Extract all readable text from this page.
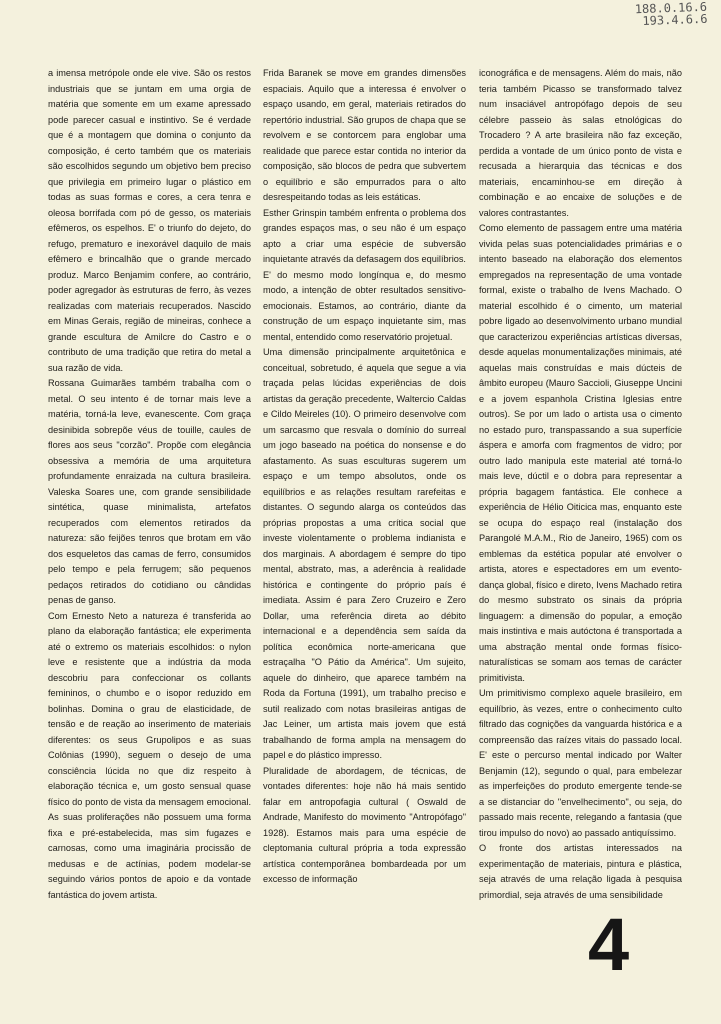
188.0.16.6
193.4.6.6

a imensa metrópole onde ele vive. São os restos industriais que se juntam em uma orgia de matéria que somente em um exame apressado pode parecer casual e instintivo. Se é verdade que é a montagem que domina o conjunto da composição, é certo também que os materiais são escolhidos segundo um objetivo bem preciso que privilegia em primeiro lugar o plástico em todas as suas formas e cores, a cera tenra e oleosa borrifada com pó de gesso, os materiais efêmeros, os espelhos. E' o triunfo do dejeto, do refugo, prematuro e inexorável daquilo de mais efêmero e brincalhão que o grande mercado produz. Marco Benjamim confere, ao contrário, poder agregador às estruturas de ferro, às vezes realizadas com materiais recuperados. Nascido em Minas Gerais, região de mineiras, conhece a grande escultura de Amilcre do Castro e o contributo de uma tradição que retira do metal a sua razão de vida.

Rossana Guimarães também trabalha com o metal. O seu intento é de tornar mais leve a matéria, torná-la leve, evanescente. Com graça desinibida sobrepõe véus de touille, caules de flores aos seus "corzão". Propõe com elegância obsessiva a memória de uma arquitetura profundamente enraizada na cultura brasileira. Valeska Soares une, com grande sensibilidade sintética, quase minimalista, artefatos recuperados com elementos retirados da natureza: são feijões tenros que brotam em vão dos esqueletos das camas de ferro, consumidos pelo tempo e pela ferrugem; são pequenos pedaços retirados do cotidiano ou cândidas penas de ganso.

Com Ernesto Neto a natureza é transferida ao plano da elaboração fantástica; ele experimenta até o extremo os materiais escolhidos: o nylon leve e resistente que a indústria da moda descobriu para confeccionar os collants femininos, o chumbo e o isopor reduzido em bolinhas. Domina o grau de elasticidade, de tensão e de reação ao inserimento de materiais diferentes: os seus Grupolipos e as suas Colônias (1990), seguem o desejo de uma consciência lúcida no que diz respeito à elaboração técnica e, um gosto sensual quase físico do ponto de vista da mensagem emocional. As suas proliferações não possuem uma forma fixa e pré-estabelecida, mas sim fugazes e carnosas, como uma imaginária procissão de medusas e de actínias, podem modelar-se seguindo vários pontos de apoio e da vontade fantástica do jovem artista.

Frida Baranek se move em grandes dimensões espaciais. Aquilo que a interessa é envolver o espaço usando, em geral, materiais retirados do repertório industrial. São grupos de chapa que se revolvem e se contorcem para englobar uma realidade que parece estar contida no interior da composição, são blocos de pedra que subvertem o equilíbrio e são empurrados para o alto desrespeitando todas as leis estáticas.

Esther Grinspin também enfrenta o problema dos grandes espaços mas, o seu não é um espaço apto a criar uma espécie de subversão inquietante através da defasagem dos equilíbrios. E' do mesmo modo longínqua e, do mesmo modo, a intenção de obter resultados sensitivo- emocionais. Estamos, ao contrário, diante da construção de um espaço inquietante sim, mas mental, entendido como reservatório projetual.

Uma dimensão principalmente arquitetônica e conceitual, sobretudo, é aquela que segue a via traçada pelas lúcidas experiências de dois artistas da geração precedente, Waltercio Caldas e Cildo Meireles (10). O primeiro desenvolve com um sarcasmo que resvala o domínio do surreal um jogo baseado na poética do nonsense e do afastamento. As suas esculturas sugerem um espaço e um tempo absolutos, onde os equilíbrios e as relações resultam rarefeitas e distantes. O segundo alarga os conteúdos das próprias propostas a uma crítica social que investe violentamente o problema indianista e dos marginais. A abordagem é sempre do tipo mental, abstrato, mas, a aderência à realidade histórica e contingente do próprio país é imediata. Assim é para Zero Cruzeiro e Zero Dollar, uma referência direta ao débito internacional e a dependência sem saída da política econômica norte-americana que estraçalha "O Pátio da América". Um sujeito, aquele do dinheiro, que aparece também na Roda da Fortuna (1991), um trabalho preciso e sutil realizado com notas brasileiras antigas de Jac Leiner, um artista mais jovem que está trabalhando de forma ampla na mensagem do papel e do plástico impresso.

Pluralidade de abordagem, de técnicas, de vontades diferentes: hoje não há mais sentido falar em antropofagia cultural ( Oswald de Andrade, Manifesto do movimento "Antropófago" 1928). Estamos mais para uma espécie de cleptomania cultural própria a toda expressão artística contemporânea bombardeada por um excesso de informação

iconográfica e de mensagens. Além do mais, não teria também Picasso se transformado talvez num insaciável antropófago depois de seu célebre passeio às salas etnológicas do Trocadero ? A arte brasileira não faz exceção, perdida a vontade de um único ponto de vista e recusada a hierarquia das técnicas e dos materiais, encaminhou-se em direção à combinação e ao encaixe de soluções e de valores contrastantes.

Como elemento de passagem entre uma matéria vivida pelas suas potencialidades primárias e o intento baseado na elaboração dos elementos empregados na representação de uma vontade formal, existe o trabalho de Ivens Machado. O material escolhido é o cimento, um material pobre ligado ao desenvolvimento urbano mundial que caracterizou experiências artísticas diversas, desde aquelas monumentalizações minimais, até aquelas mais construídas e mais dúcteis de âmbito europeu (Mauro Saccioli, Giuseppe Uncini e a jovem espanhola Cristina Iglesias entre outros). Se por um lado o artista usa o cimento no estado puro, transpassando a sua superfície áspera e amorfa com fragmentos de vidro; por outro lado manipula este material até torná-lo mais leve, dúctil e o dobra para representar a própria bagagem fantástica. Ele conhece a experiência de Hélio Oiticica mas, enquanto este se ocupa do espaço real (instalação dos Parangolé M.A.M., Rio de Janeiro, 1965) com os emblemas da estética popular até envolver o artista, atores e espectadores em um evento-dança global, físico e direto, Ivens Machado retira do mesmo substrato os sinais da própria linguagem: a dimensão do popular, a emoção mais instintiva e mais autóctona é transportada a uma abstração mental onde formas físico-naturalísticas se somam aos temas de carácter primitivista.

Um primitivismo complexo aquele brasileiro, em equilíbrio, às vezes, entre o conhecimento culto filtrado das cognições da vanguarda histórica e a compreensão das raízes vitais do passado local. E' este o percurso mental indicado por Walter Benjamin (12), segundo o qual, para embelezar as imperfeições do produto emergente tende-se a se distanciar do "envelhecimento", ou seja, do passado mais recente, relegando a fantasia (que tirou impulso do novo) ao passado antiquíssimo.

O fronte dos artistas interessados na experimentação de materiais, pintura e plástica, seja através de uma relação ligada à pesquisa primordial, seja através de uma sensibilidade

4
